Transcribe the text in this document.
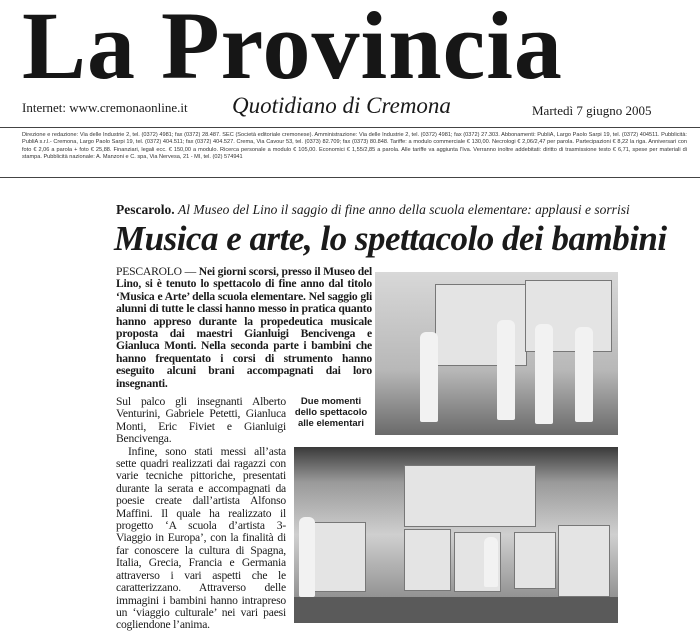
La Provincia
Internet: www.cremonaonline.it Quotidiano di Cremona	Martedì 7 giugno 2005
Direzione e redazione: Via delle Industrie 2, tel. (0372) 4981; fax (0372) 28.487. SEC (Società editoriale cremonese). Amministrazione: Via delle Industrie 2, tel. (0372) 4981; fax (0372) 27.303. Abbonamenti: PubliA, Largo Paolo Sarpi 19, tel. (0372) 404511. Pubblicità: PubliA s.r.l.- Cremona, Largo Paolo Sarpi 19, tel. (0372) 404.511; fax (0372) 404.527. Crema, Via Cavour 53, tel. (0373) 82.709; fax (0373) 80.848. Tariffe: a modulo commerciale € 130,00. Necrologi € 2,06/2,47 per parola. Partecipazioni € 8,22 la riga. Anniversari con foto € 2,06 a parola + foto € 25,88. Finanziari, legali ecc. € 150,00 a modulo. Ricerca personale a modulo € 105,00. Economici € 1,55/2,85 a parola. Alle tariffe va aggiunta l'Iva. Verranno inoltre addebitati: diritto di trasmissione testo € 6,71, spese per materiali di stampa. Pubblicità nazionale: A. Manzoni e C. spa, Via Nervesa, 21 - MI, tel. (02) 574941
Pescarolo. Al Museo del Lino il saggio di fine anno della scuola elementare: applausi e sorrisi
Musica e arte, lo spettacolo dei bambini
PESCAROLO — Nei giorni scorsi, presso il Museo del Lino, si è tenuto lo spettacolo di fine anno dal titolo ‘Musica e Arte’ della scuola elementare. Nel saggio gli alunni di tutte le classi hanno messo in pratica quanto hanno appreso durante la propedeutica musicale proposta dai maestri Gianluigi Bencivenga e Gianluca Monti. Nella seconda parte i bambini che hanno frequentato i corsi di strumento hanno eseguito alcuni brani accompagnati dai loro insegnanti.

Sul palco gli insegnanti Alberto Venturini, Gabriele Petetti, Gianluca Monti, Eric Fiviet e Gianluigi Bencivenga.

Infine, sono stati messi all’asta sette quadri realizzati dai ragazzi con varie tecniche pittoriche, presentati durante la serata e accompagnati da poesie create dall’artista Alfonso Maffini. Il quale ha realizzato il progetto ‘A scuola d’artista 3- Viaggio in Europa’, con la finalità di far conoscere la cultura di Spagna, Italia, Grecia, Francia e Germania attraverso i vari aspetti che le caratterizzano. Attraverso delle immagini i bambini hanno intrapreso un ‘viaggio culturale’ nei vari paesi cogliendone l’anima.

Due momenti dello spettacolo alle elementari
